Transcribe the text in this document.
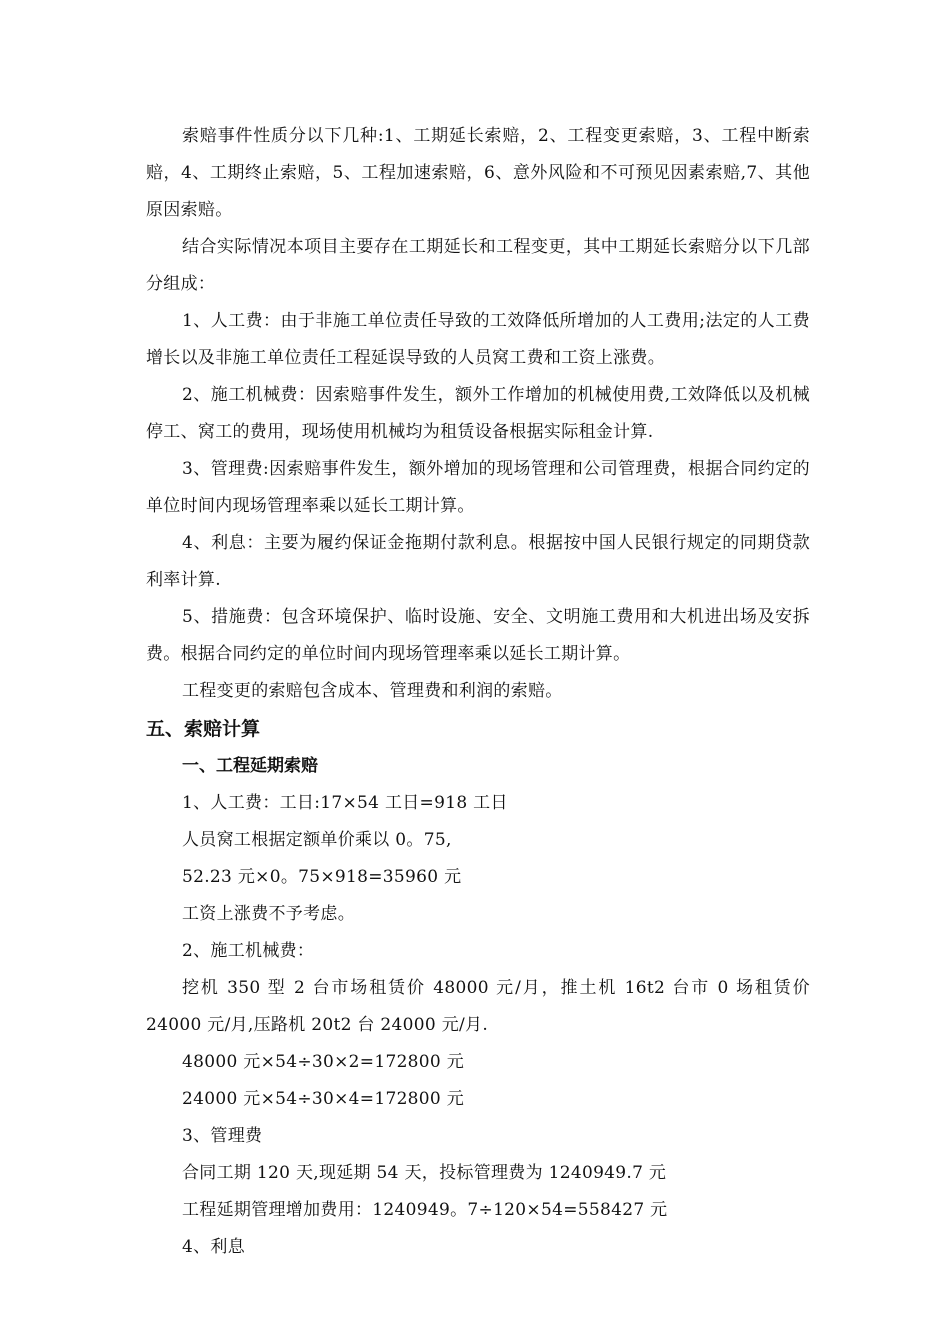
索赔事件性质分以下几种:1、工期延长索赔，2、工程变更索赔，3、工程中断索赔，4、工期终止索赔，5、工程加速索赔，6、意外风险和不可预见因素索赔,7、其他原因索赔。

结合实际情况本项目主要存在工期延长和工程变更，其中工期延长索赔分以下几部分组成：

1、人工费：由于非施工单位责任导致的工效降低所增加的人工费用;法定的人工费增长以及非施工单位责任工程延误导致的人员窝工费和工资上涨费。

2、施工机械费：因索赔事件发生，额外工作增加的机械使用费,工效降低以及机械停工、窝工的费用，现场使用机械均为租赁设备根据实际租金计算.

3、管理费:因索赔事件发生，额外增加的现场管理和公司管理费，根据合同约定的单位时间内现场管理率乘以延长工期计算。

4、利息：主要为履约保证金拖期付款利息。根据按中国人民银行规定的同期贷款利率计算.

5、措施费：包含环境保护、临时设施、安全、文明施工费用和大机进出场及安拆费。根据合同约定的单位时间内现场管理率乘以延长工期计算。

工程变更的索赔包含成本、管理费和利润的索赔。

五、索赔计算
一、工程延期索赔

1、人工费：工日:17×54 工日=918 工日

人员窝工根据定额单价乘以 0。75,

52.23 元×0。75×918=35960 元

工资上涨费不予考虑。

2、施工机械费：

挖机 350 型 2 台市场租赁价 48000 元/月，推土机 16t2 台市 0 场租赁价 24000 元/月,压路机 20t2 台 24000 元/月.

48000 元×54÷30×2=172800 元

24000 元×54÷30×4=172800 元

3、管理费

合同工期 120 天,现延期 54 天，投标管理费为 1240949.7 元

工程延期管理增加费用：1240949。7÷120×54=558427 元

4、利息
